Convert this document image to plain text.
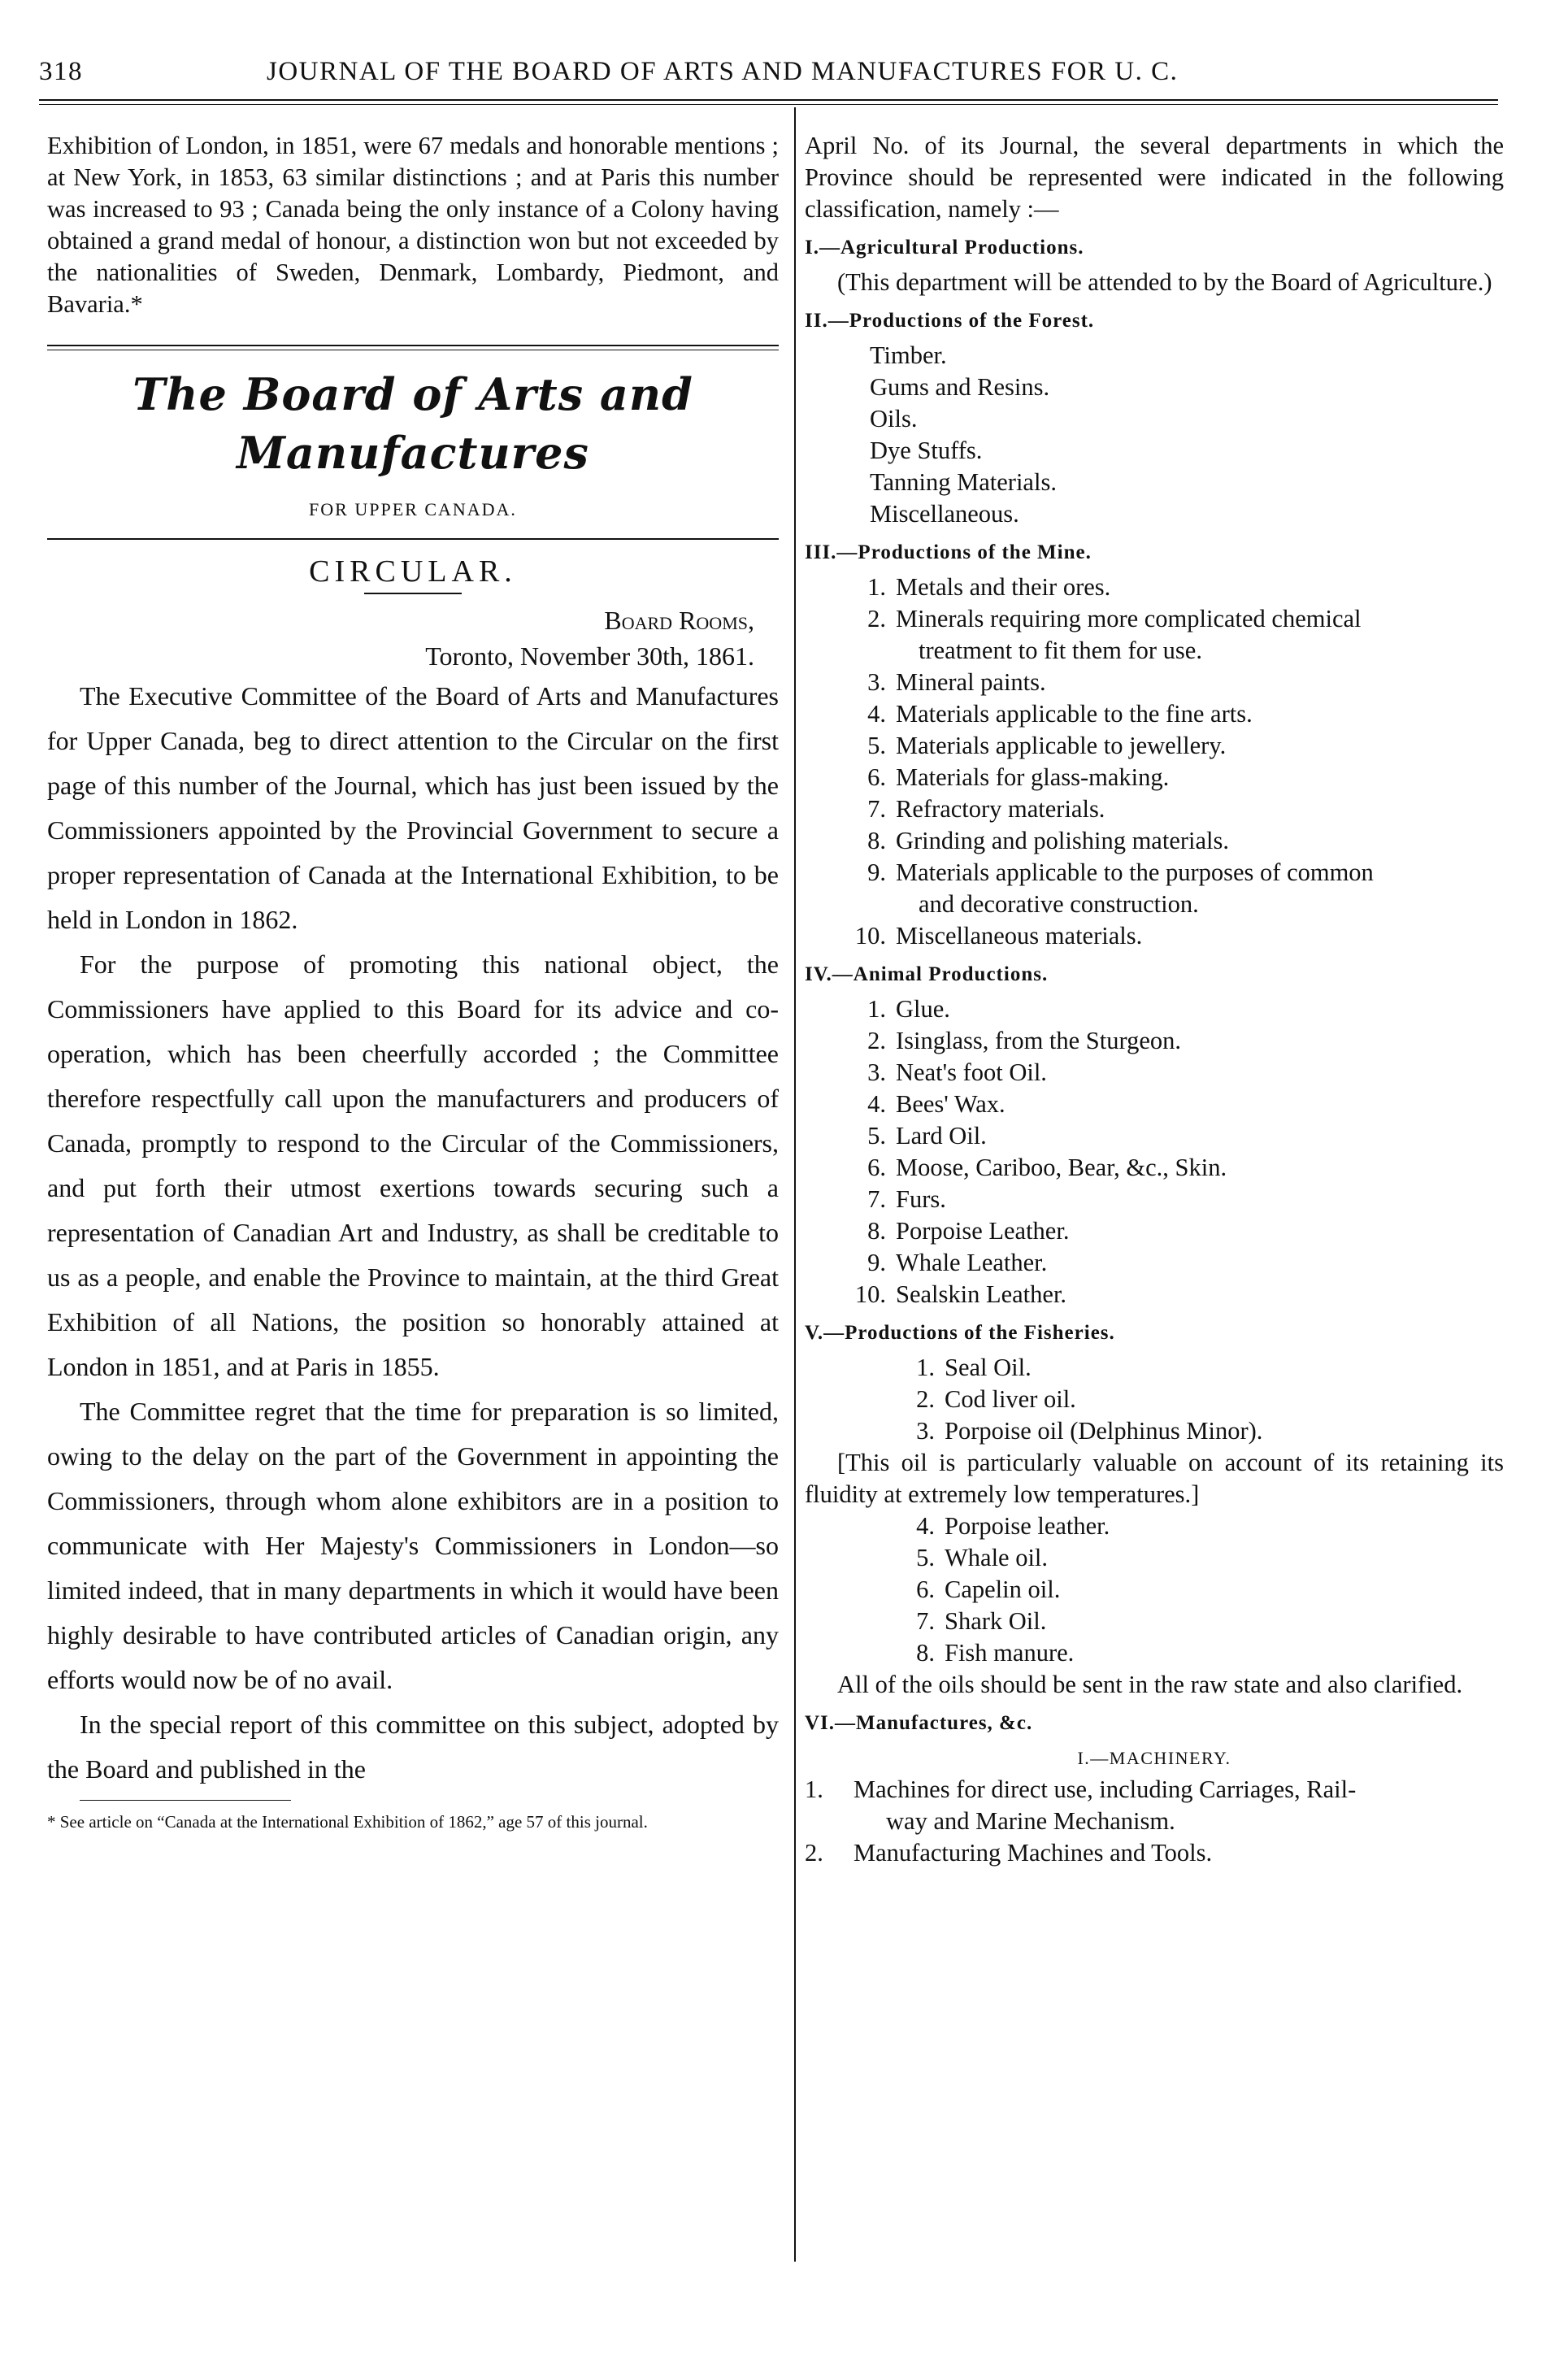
318	JOURNAL OF THE BOARD OF ARTS AND MANUFACTURES FOR U. C.

Exhibition of London, in 1851, were 67 medals and honorable mentions ; at New York, in 1853, 63 similar distinctions ; and at Paris this number was increased to 93 ; Canada being the only instance of a Colony having obtained a grand medal of honour, a distinction won but not exceeded by the nationalities of Sweden, Denmark, Lombardy, Piedmont, and Bavaria.*

The Board of Arts and Manufactures

FOR UPPER CANADA.

CIRCULAR.
Board Rooms,
Toronto, November 30th, 1861.

The Executive Committee of the Board of Arts and Manufactures for Upper Canada, beg to direct attention to the Circular on the first page of this number of the Journal, which has just been issued by the Commissioners appointed by the Provincial Government to secure a proper representation of Canada at the International Exhibition, to be held in London in 1862.

For the purpose of promoting this national object, the Commissioners have applied to this Board for its advice and co-operation, which has been cheerfully accorded ; the Committee therefore respectfully call upon the manufacturers and producers of Canada, promptly to respond to the Circular of the Commissioners, and put forth their utmost exertions towards securing such a representation of Canadian Art and Industry, as shall be creditable to us as a people, and enable the Province to maintain, at the third Great Exhibition of all Nations, the position so honorably attained at London in 1851, and at Paris in 1855.

The Committee regret that the time for preparation is so limited, owing to the delay on the part of the Government in appointing the Commissioners, through whom alone exhibitors are in a position to communicate with Her Majesty's Commissioners in London—so limited indeed, that in many departments in which it would have been highly desirable to have contributed articles of Canadian origin, any efforts would now be of no avail.

In the special report of this committee on this subject, adopted by the Board and published in the

* See article on “Canada at the International Exhibition of 1862,” age 57 of this journal.

April No. of its Journal, the several departments in which the Province should be represented were indicated in the following classification, namely :—

I.—Agricultural Productions.

(This department will be attended to by the Board of Agriculture.)

II.—Productions of the Forest.
Timber.
Gums and Resins.
Oils.
Dye Stuffs.
Tanning Materials.
Miscellaneous.
III.—Productions of the Mine.
1. Metals and their ores.
2. Minerals requiring more complicated chemical
treatment to fit them for use.
3. Mineral paints.
4. Materials applicable to the fine arts.
5. Materials applicable to jewellery.
6. Materials for glass-making.
7. Refractory materials.
8. Grinding and polishing materials.
9. Materials applicable to the purposes of common
and decorative construction.
10. Miscellaneous materials.
IV.—Animal Productions.
1. Glue.
2. Isinglass, from the Sturgeon.
3. Neat's foot Oil.
4. Bees' Wax.
5. Lard Oil.
6. Moose, Cariboo, Bear, &c., Skin.
7. Furs.
8. Porpoise Leather.
9. Whale Leather.
10. Sealskin Leather.
V.—Productions of the Fisheries.
1. Seal Oil.
2. Cod liver oil.
3. Porpoise oil (Delphinus Minor).

[This oil is particularly valuable on account of its retaining its fluidity at extremely low temperatures.]

4. Porpoise leather.
5. Whale oil.
6. Capelin oil.
7. Shark Oil.
8. Fish manure.

All of the oils should be sent in the raw state and also clarified.

VI.—Manufactures, &c.
I.—MACHINERY.
1.	Machines for direct use, including Carriages, Rail-
way and Marine Mechanism.
2.	Manufacturing Machines and Tools.
